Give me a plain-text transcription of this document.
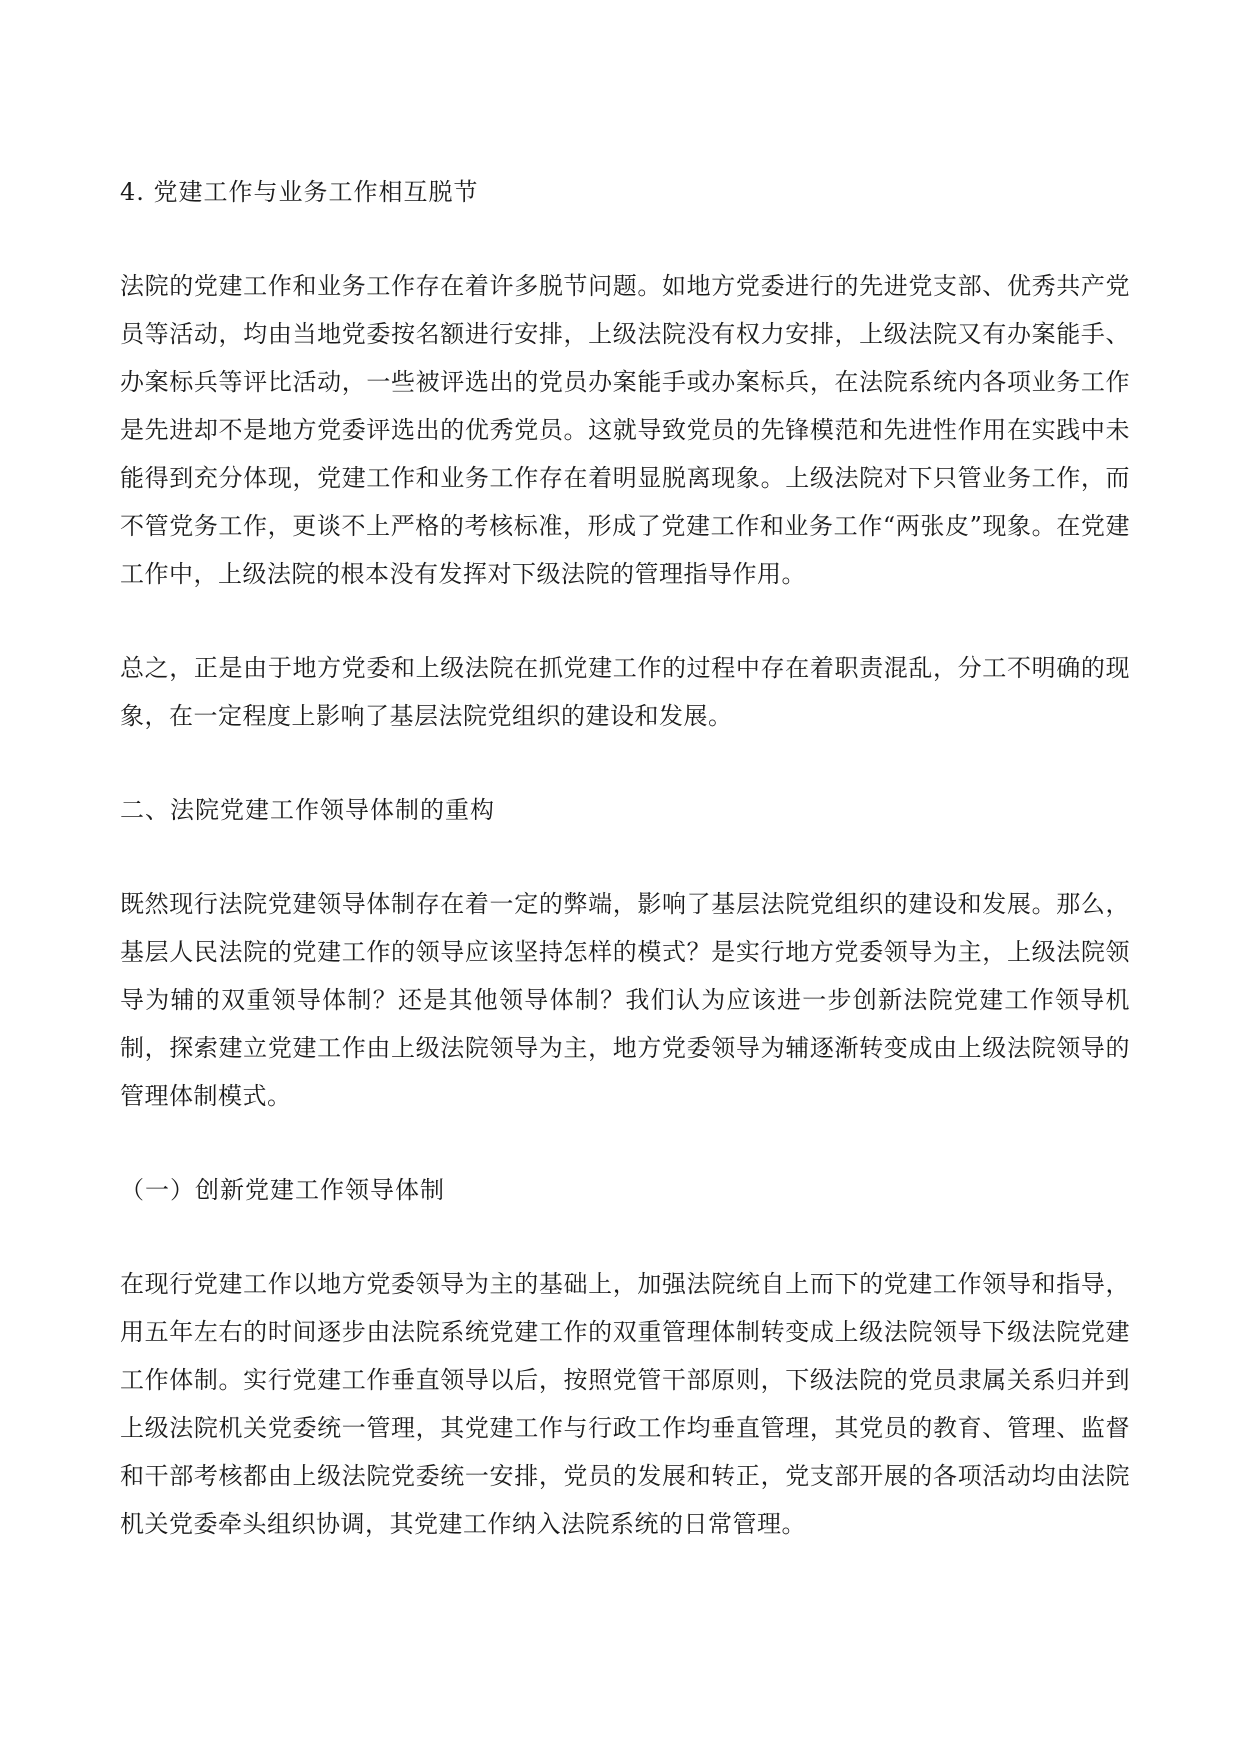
4. 党建工作与业务工作相互脱节

法院的党建工作和业务工作存在着许多脱节问题。如地方党委进行的先进党支部、优秀共产党员等活动，均由当地党委按名额进行安排，上级法院没有权力安排，上级法院又有办案能手、办案标兵等评比活动，一些被评选出的党员办案能手或办案标兵，在法院系统内各项业务工作是先进却不是地方党委评选出的优秀党员。这就导致党员的先锋模范和先进性作用在实践中未能得到充分体现，党建工作和业务工作存在着明显脱离现象。上级法院对下只管业务工作，而不管党务工作，更谈不上严格的考核标准，形成了党建工作和业务工作“两张皮”现象。在党建工作中，上级法院的根本没有发挥对下级法院的管理指导作用。

总之，正是由于地方党委和上级法院在抓党建工作的过程中存在着职责混乱，分工不明确的现象，在一定程度上影响了基层法院党组织的建设和发展。

二、法院党建工作领导体制的重构

既然现行法院党建领导体制存在着一定的弊端，影响了基层法院党组织的建设和发展。那么，基层人民法院的党建工作的领导应该坚持怎样的模式？是实行地方党委领导为主，上级法院领导为辅的双重领导体制？还是其他领导体制？我们认为应该进一步创新法院党建工作领导机制，探索建立党建工作由上级法院领导为主，地方党委领导为辅逐渐转变成由上级法院领导的管理体制模式。

（一）创新党建工作领导体制

在现行党建工作以地方党委领导为主的基础上，加强法院统自上而下的党建工作领导和指导，用五年左右的时间逐步由法院系统党建工作的双重管理体制转变成上级法院领导下级法院党建工作体制。实行党建工作垂直领导以后，按照党管干部原则，下级法院的党员隶属关系归并到上级法院机关党委统一管理，其党建工作与行政工作均垂直管理，其党员的教育、管理、监督和干部考核都由上级法院党委统一安排，党员的发展和转正，党支部开展的各项活动均由法院机关党委牵头组织协调，其党建工作纳入法院系统的日常管理。
